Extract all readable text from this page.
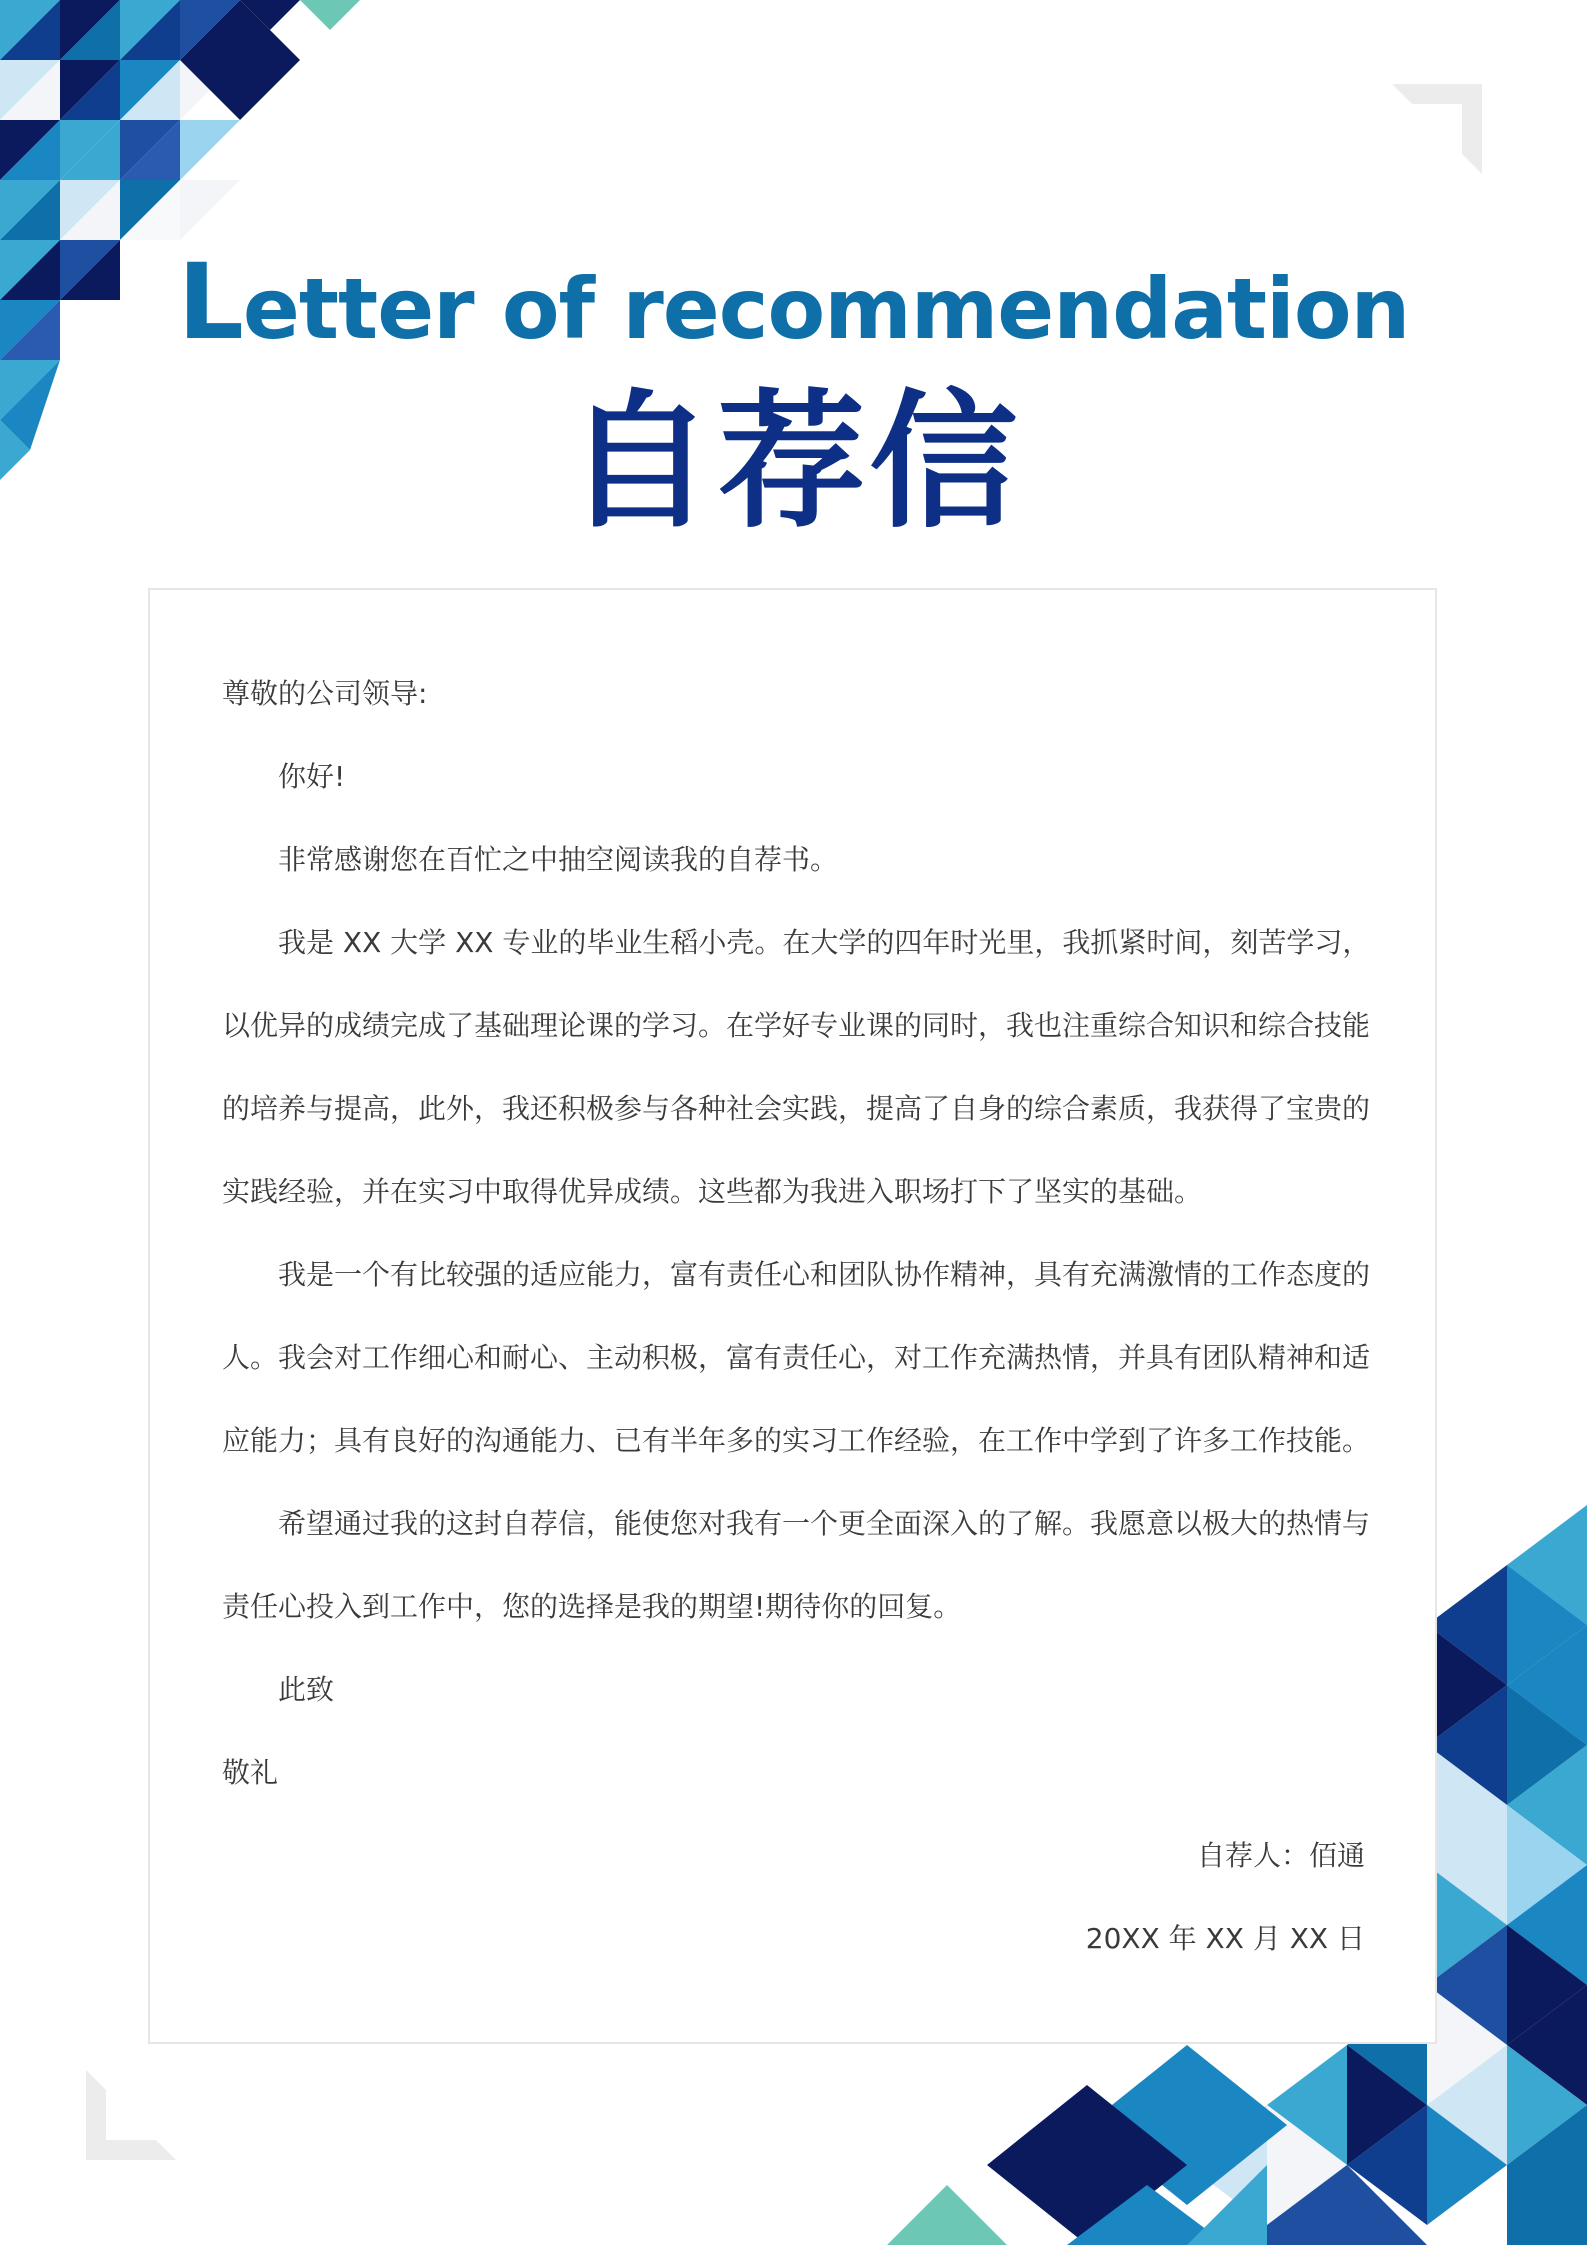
Letter of recommendation
自荐信
尊敬的公司领导:
你好!
非常感谢您在百忙之中抽空阅读我的自荐书。
我是 XX 大学 XX 专业的毕业生稻小壳。在大学的四年时光里，我抓紧时间，刻苦学习，
以优异的成绩完成了基础理论课的学习。在学好专业课的同时，我也注重综合知识和综合技能
的培养与提高，此外，我还积极参与各种社会实践，提高了自身的综合素质，我获得了宝贵的
实践经验，并在实习中取得优异成绩。这些都为我进入职场打下了坚实的基础。
我是一个有比较强的适应能力，富有责任心和团队协作精神，具有充满激情的工作态度的
人。我会对工作细心和耐心、主动积极，富有责任心，对工作充满热情，并具有团队精神和适
应能力；具有良好的沟通能力、已有半年多的实习工作经验，在工作中学到了许多工作技能。
希望通过我的这封自荐信，能使您对我有一个更全面深入的了解。我愿意以极大的热情与
责任心投入到工作中，您的选择是我的期望!期待你的回复。
此致
敬礼
自荐人：佰通
20XX 年 XX 月 XX 日
